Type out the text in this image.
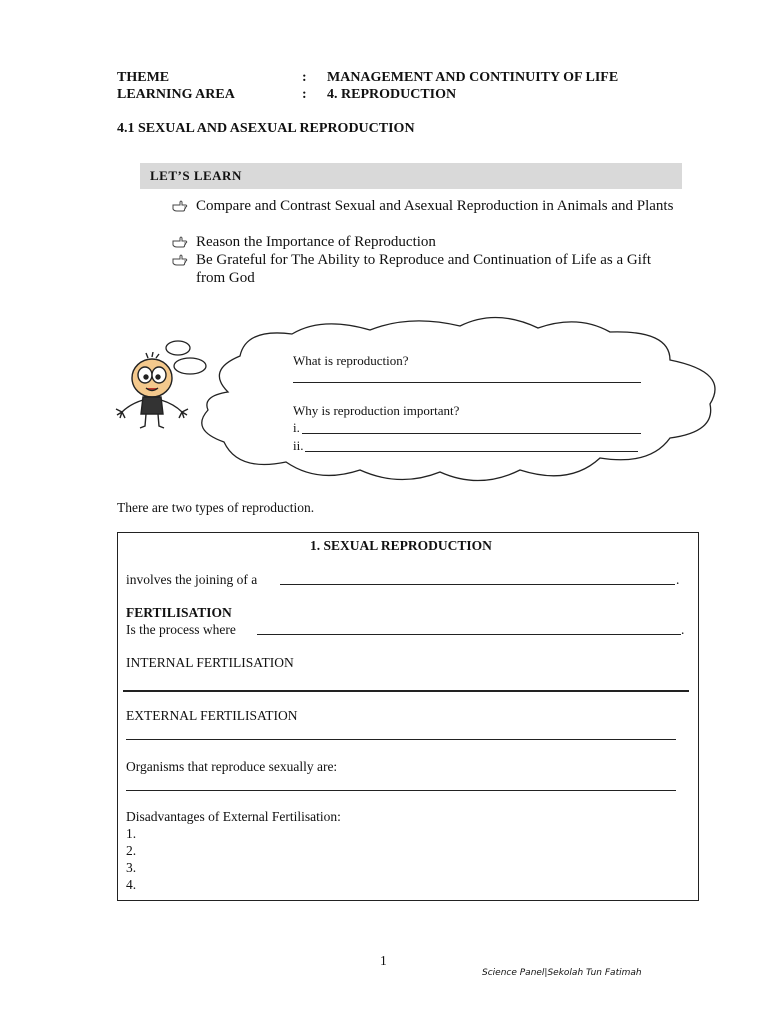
THEME	: MANAGEMENT AND CONTINUITY OF LIFE
LEARNING AREA	: 4. REPRODUCTION
4.1 SEXUAL AND ASEXUAL REPRODUCTION
LET’S LEARN
Compare and Contrast Sexual and Asexual Reproduction in Animals and Plants
Reason the Importance of Reproduction
Be Grateful for The Ability to Reproduce and Continuation of Life as a Gift from God
What is reproduction?
Why is reproduction important?
i.
ii.
There are two types of reproduction.
1. SEXUAL REPRODUCTION
involves the joining of a	.
FERTILISATION
Is the process where	.
INTERNAL FERTILISATION
EXTERNAL FERTILISATION
Organisms that reproduce sexually are:
Disadvantages of External Fertilisation:
1.
2.
3.
4.
1
Science Panel|Sekolah Tun Fatimah
